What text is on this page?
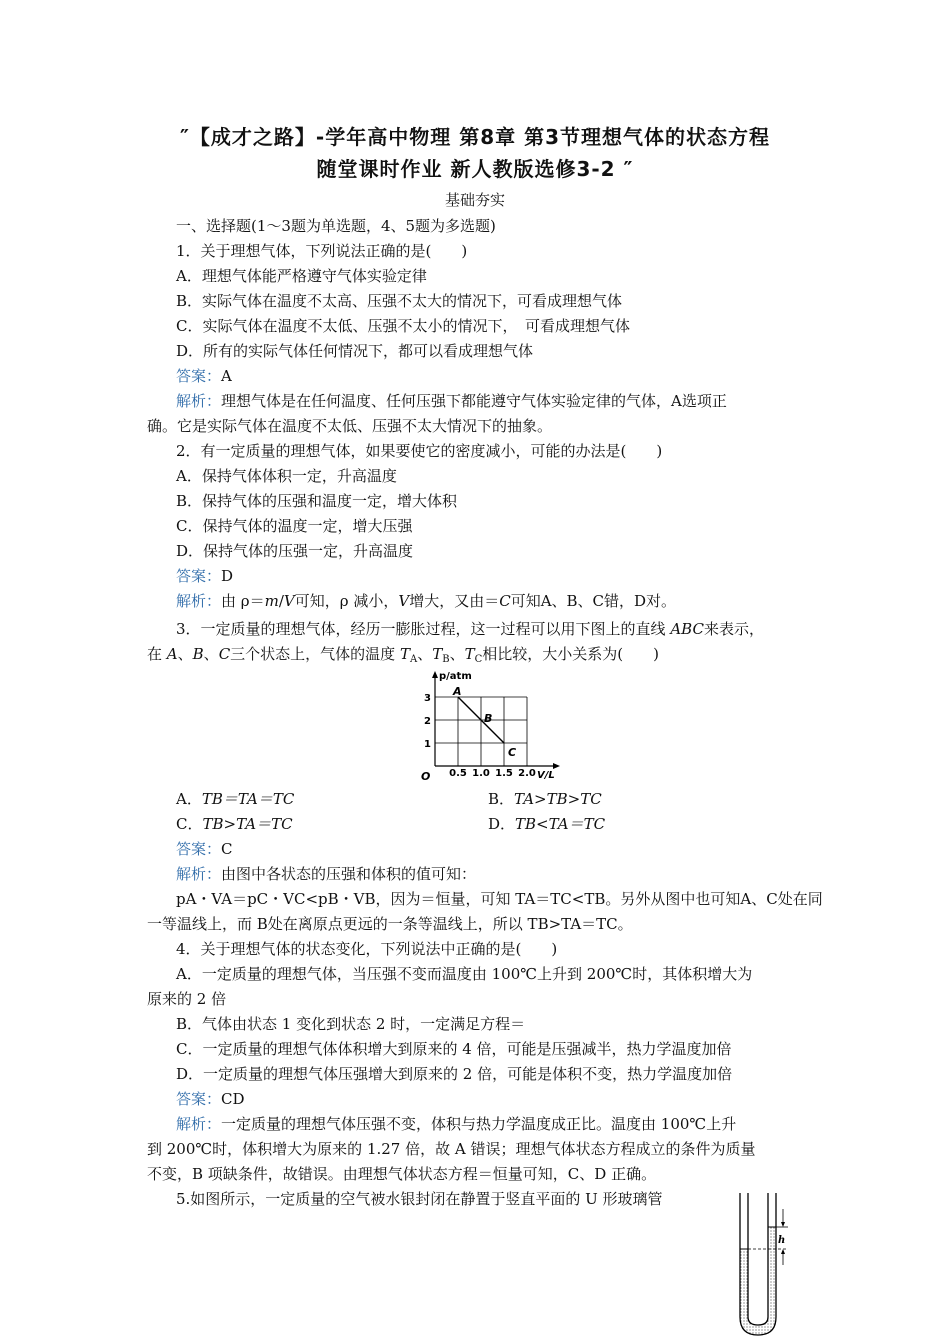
″【成才之路】-学年高中物理 第8章 第3节理想气体的状态方程
随堂课时作业 新人教版选修3-2 ″
基础夯实
一、选择题(1～3题为单选题，4、5题为多选题)
1．关于理想气体，下列说法正确的是(　　)
A．理想气体能严格遵守气体实验定律
B．实际气体在温度不太高、压强不太大的情况下，可看成理想气体
C．实际气体在温度不太低、压强不太小的情况下，　可看成理想气体
D．所有的实际气体任何情况下，都可以看成理想气体
答案：A
解析：理想气体是在任何温度、任何压强下都能遵守气体实验定律的气体，A选项正
确。它是实际气体在温度不太低、压强不太大情况下的抽象。
2．有一定质量的理想气体，如果要使它的密度减小，可能的办法是(　　)
A．保持气体体积一定，升高温度
B．保持气体的压强和温度一定，增大体积
C．保持气体的温度一定，增大压强
D．保持气体的压强一定，升高温度
答案：D
解析：由 ρ＝m/V可知，ρ 减小，V增大，又由＝C可知A、B、C错，D对。
3．一定质量的理想气体，经历一膨胀过程，这一过程可以用下图上的直线 ABC来表示，
在 A、B、C三个状态上，气体的温度 $T_A$、$T_B$、$T_C$相比较，大小关系为(　　)
p/atm
V/L
O
1
2
3
0.5 1.0 1.5 2.0
A
B
C
A．TB＝TA＝TC	B．TA>TB>TC
C．TB>TA＝TC	D．TB<TA＝TC
答案：C
解析：由图中各状态的压强和体积的值可知：
pA・VA＝pC・VC<pB・VB，因为＝恒量，可知 TA＝TC<TB。另外从图中也可知A、C处在同
一等温线上，而 B处在离原点更远的一条等温线上，所以 TB>TA＝TC。
4．关于理想气体的状态变化，下列说法中正确的是(　　)
A．一定质量的理想气体，当压强不变而温度由 100℃上升到 200℃时，其体积增大为
原来的 2 倍
B．气体由状态 1 变化到状态 2 时，一定满足方程＝
C．一定质量的理想气体体积增大到原来的 4 倍，可能是压强减半，热力学温度加倍
D．一定质量的理想气体压强增大到原来的 2 倍，可能是体积不变，热力学温度加倍
答案：CD
解析：一定质量的理想气体压强不变，体积与热力学温度成正比。温度由 100℃上升
到 200℃时，体积增大为原来的 1.27 倍，故 A 错误；理想气体状态方程成立的条件为质量
不变，B 项缺条件，故错误。由理想气体状态方程＝恒量可知，C、D 正确。
5.如图所示，一定质量的空气被水银封闭在静置于竖直平面的 U 形玻璃管
h
